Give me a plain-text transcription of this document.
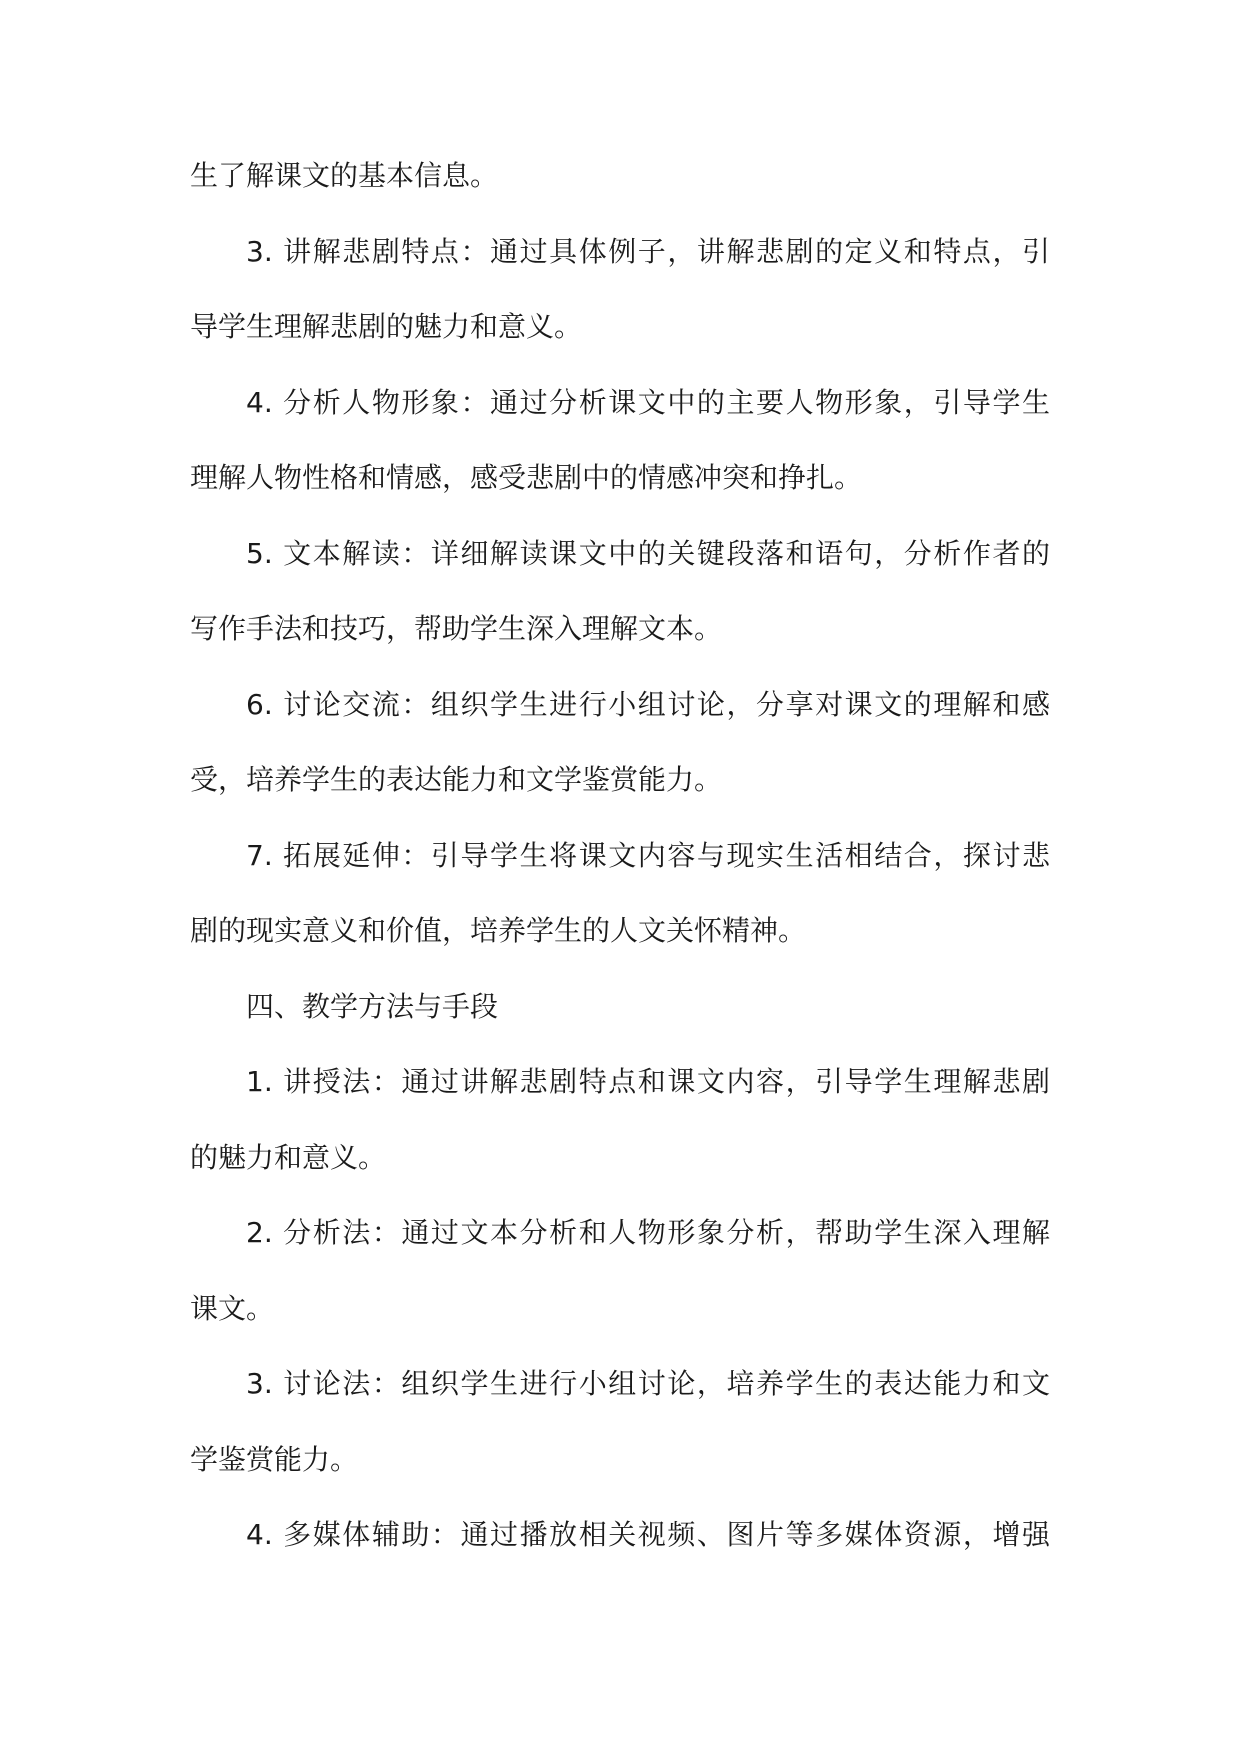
生了解课文的基本信息。
3. 讲解悲剧特点：通过具体例子，讲解悲剧的定义和特点，引
导学生理解悲剧的魅力和意义。
4. 分析人物形象：通过分析课文中的主要人物形象，引导学生
理解人物性格和情感，感受悲剧中的情感冲突和挣扎。
5. 文本解读：详细解读课文中的关键段落和语句，分析作者的
写作手法和技巧，帮助学生深入理解文本。
6. 讨论交流：组织学生进行小组讨论，分享对课文的理解和感
受，培养学生的表达能力和文学鉴赏能力。
7. 拓展延伸：引导学生将课文内容与现实生活相结合，探讨悲
剧的现实意义和价值，培养学生的人文关怀精神。
四、教学方法与手段
1. 讲授法：通过讲解悲剧特点和课文内容，引导学生理解悲剧
的魅力和意义。
2. 分析法：通过文本分析和人物形象分析，帮助学生深入理解
课文。
3. 讨论法：组织学生进行小组讨论，培养学生的表达能力和文
学鉴赏能力。
4. 多媒体辅助：通过播放相关视频、图片等多媒体资源，增强
